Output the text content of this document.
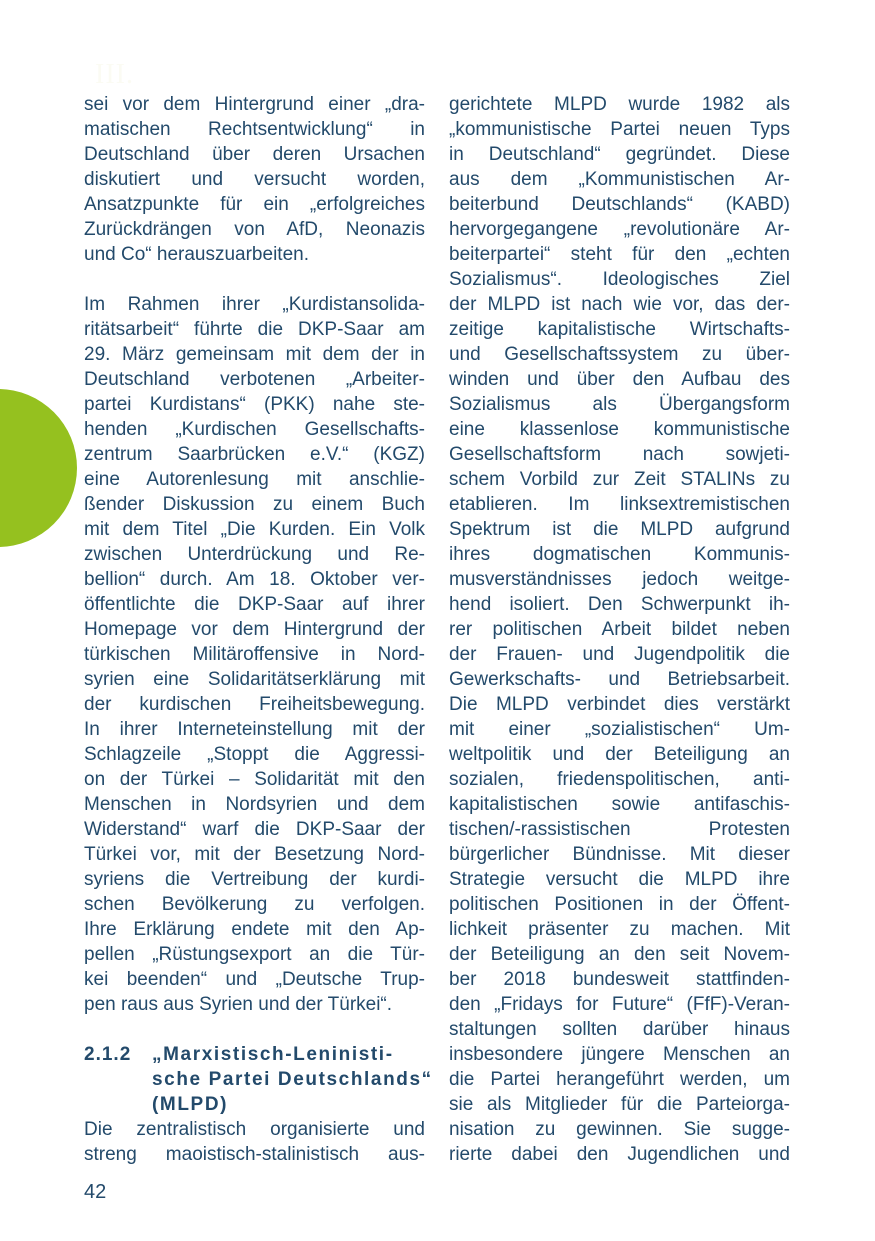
III.
sei vor dem Hintergrund einer „dra-
matischen Rechtsentwicklung“ in
Deutschland über deren Ursachen
diskutiert und versucht worden,
Ansatzpunkte für ein „erfolgreiches
Zurückdrängen von AfD, Neonazis
und Co“ herauszuarbeiten.
Im Rahmen ihrer „Kurdistansolida-
ritätsarbeit“ führte die DKP-Saar am
29. März gemeinsam mit dem der in
Deutschland verbotenen „Arbeiter-
partei Kurdistans“ (PKK) nahe ste-
henden „Kurdischen Gesellschafts-
zentrum Saarbrücken e.V.“ (KGZ)
eine Autorenlesung mit anschlie-
ßender Diskussion zu einem Buch
mit dem Titel „Die Kurden. Ein Volk
zwischen Unterdrückung und Re-
bellion“ durch. Am 18. Oktober ver-
öffentlichte die DKP-Saar auf ihrer
Homepage vor dem Hintergrund der
türkischen Militäroffensive in Nord-
syrien eine Solidaritätserklärung mit
der kurdischen Freiheitsbewegung.
In ihrer Interneteinstellung mit der
Schlagzeile „Stoppt die Aggressi-
on der Türkei – Solidarität mit den
Menschen in Nordsyrien und dem
Widerstand“ warf die DKP-Saar der
Türkei vor, mit der Besetzung Nord-
syriens die Vertreibung der kurdi-
schen Bevölkerung zu verfolgen.
Ihre Erklärung endete mit den Ap-
pellen „Rüstungsexport an die Tür-
kei beenden“ und „Deutsche Trup-
pen raus aus Syrien und der Türkei“.
2.1.2 „Marxistisch-Leninisti-
sche Partei Deutschlands“
(MLPD)
Die zentralistisch organisierte und
streng maoistisch-stalinistisch aus-
gerichtete MLPD wurde 1982 als
„kommunistische Partei neuen Typs
in Deutschland“ gegründet. Diese
aus dem „Kommunistischen Ar-
beiterbund Deutschlands“ (KABD)
hervorgegangene „revolutionäre Ar-
beiterpartei“ steht für den „echten
Sozialismus“. Ideologisches Ziel
der MLPD ist nach wie vor, das der-
zeitige kapitalistische Wirtschafts-
und Gesellschaftssystem zu über-
winden und über den Aufbau des
Sozialismus als Übergangsform
eine klassenlose kommunistische
Gesellschaftsform nach sowjeti-
schem Vorbild zur Zeit STALINs zu
etablieren. Im linksextremistischen
Spektrum ist die MLPD aufgrund
ihres dogmatischen Kommunis-
musverständnisses jedoch weitge-
hend isoliert. Den Schwerpunkt ih-
rer politischen Arbeit bildet neben
der Frauen- und Jugendpolitik die
Gewerkschafts- und Betriebsarbeit.
Die MLPD verbindet dies verstärkt
mit einer „sozialistischen“ Um-
weltpolitik und der Beteiligung an
sozialen, friedenspolitischen, anti-
kapitalistischen sowie antifaschis-
tischen/-rassistischen Protesten
bürgerlicher Bündnisse. Mit dieser
Strategie versucht die MLPD ihre
politischen Positionen in der Öffent-
lichkeit präsenter zu machen. Mit
der Beteiligung an den seit Novem-
ber 2018 bundesweit stattfinden-
den „Fridays for Future“ (FfF)-Veran-
staltungen sollten darüber hinaus
insbesondere jüngere Menschen an
die Partei herangeführt werden, um
sie als Mitglieder für die Parteiorga-
nisation zu gewinnen. Sie sugge-
rierte dabei den Jugendlichen und
42
